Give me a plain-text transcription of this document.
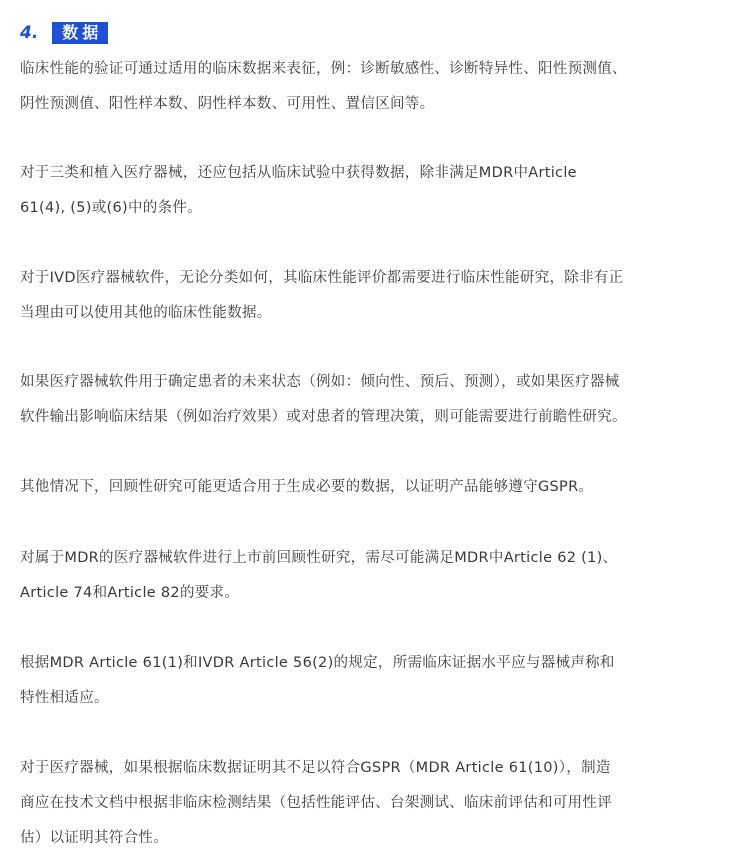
4.	数据

临床性能的验证可通过适用的临床数据来表征，例：诊断敏感性、诊断特异性、阳性预测值、
阴性预测值、阳性样本数、阴性样本数、可用性、置信区间等。

对于三类和植入医疗器械，还应包括从临床试验中获得数据，除非满足MDR中Article
61(4), (5)或(6)中的条件。

对于IVD医疗器械软件，无论分类如何，其临床性能评价都需要进行临床性能研究，除非有正
当理由可以使用其他的临床性能数据。

如果医疗器械软件用于确定患者的未来状态（例如：倾向性、预后、预测），或如果医疗器械
软件输出影响临床结果（例如治疗效果）或对患者的管理决策，则可能需要进行前瞻性研究。

其他情况下，回顾性研究可能更适合用于生成必要的数据，以证明产品能够遵守GSPR。

对属于MDR的医疗器械软件进行上市前回顾性研究，需尽可能满足MDR中Article 62 (1)、
Article 74和Article 82的要求。

根据MDR Article 61(1)和IVDR Article 56(2)的规定，所需临床证据水平应与器械声称和
特性相适应。

对于医疗器械，如果根据临床数据证明其不足以符合GSPR（MDR Article 61(10)），制造
商应在技术文档中根据非临床检测结果（包括性能评估、台架测试、临床前评估和可用性评
估）以证明其符合性。
